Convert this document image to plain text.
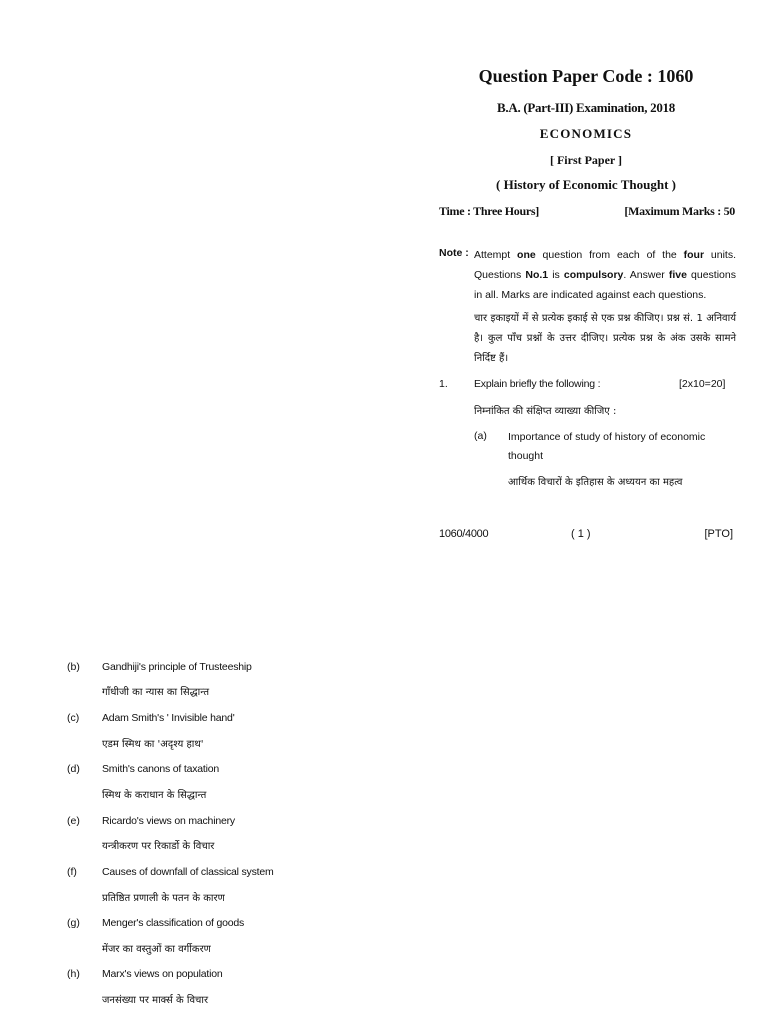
Question Paper Code : 1060
B.A. (Part-III) Examination, 2018
ECONOMICS
[ First Paper ]
( History of Economic Thought )
Time : Three Hours]	[Maximum Marks : 50
Note : Attempt one question from each of the four units. Questions No.1 is compulsory. Answer five questions in all. Marks are indicated against each questions.

चार इकाइयों में से प्रत्येक इकाई से एक प्रश्न कीजिए। प्रश्न सं. 1 अनिवार्य है। कुल पाँच प्रश्नों के उत्तर दीजिए। प्रत्येक प्रश्न के अंक उसके सामने निर्दिष्ट हैं।
1. Explain briefly the following :	[2x10=20]
निम्नांकित की संक्षिप्त व्याख्या कीजिए :
(a) Importance of study of history of economic thought
आर्थिक विचारों के इतिहास के अध्ययन का महत्व
1060/4000	( 1 )	[PTO]
(b) Gandhiji's principle of Trusteeship
गाँधीजी का न्यास का सिद्धान्त
(c) Adam Smith's ' Invisible hand'
एडम स्मिथ का 'अदृश्य हाथ'
(d) Smith's canons of taxation
स्मिथ के कराधान के सिद्धान्त
(e) Ricardo's views on machinery
यन्त्रीकरण पर रिकार्डो के विचार
(f) Causes of downfall of classical system
प्रतिष्ठित प्रणाली के पतन के कारण
(g) Menger's classification of goods
मेंजर का वस्तुओं का वर्गीकरण
(h) Marx's views on population
जनसंख्या पर मार्क्स के विचार
